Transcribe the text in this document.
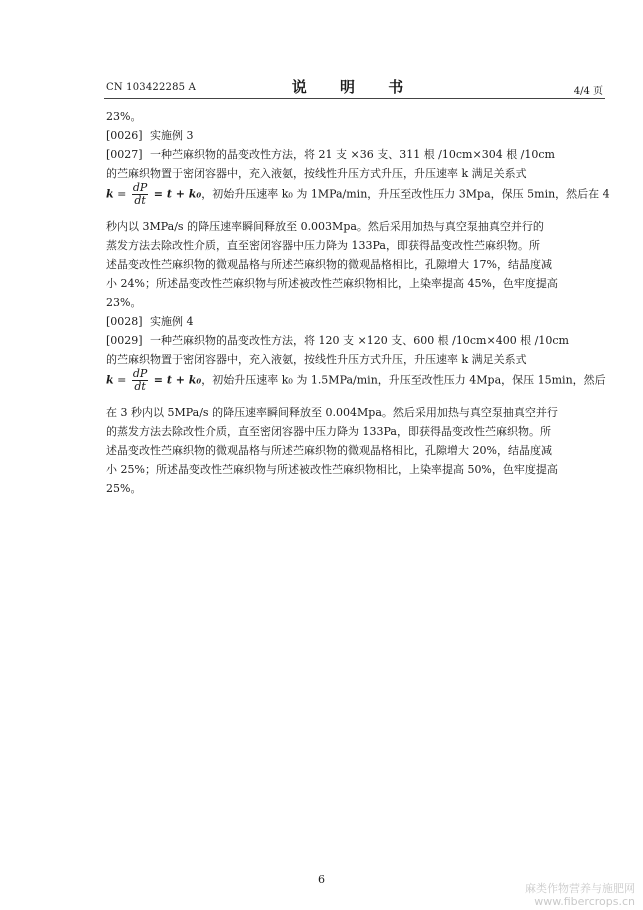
CN 103422285 A	说 明 书	4/4 页
23%。
[0026] 实施例 3
[0027] 一种苎麻织物的晶变改性方法，将 21 支 ×36 支、311 根 /10cm×304 根 /10cm
的苎麻织物置于密闭容器中，充入液氨，按线性升压方式升压，升压速率 k 满足关系式
$k = \frac{dP}{dt} = t + k_0$，初始升压速率 k₀ 为 1MPa/min，升压至改性压力 3Mpa，保压 5min，然后在 4
秒内以 3MPa/s 的降压速率瞬间释放至 0.003Mpa。然后采用加热与真空泵抽真空并行的
蒸发方法去除改性介质，直至密闭容器中压力降为 133Pa，即获得晶变改性苎麻织物。所
述晶变改性苎麻织物的微观晶格与所述苎麻织物的微观晶格相比，孔隙增大 17%，结晶度减
小 24%；所述晶变改性苎麻织物与所述被改性苎麻织物相比，上染率提高 45%，色牢度提高
23%。
[0028] 实施例 4
[0029] 一种苎麻织物的晶变改性方法，将 120 支 ×120 支、600 根 /10cm×400 根 /10cm
的苎麻织物置于密闭容器中，充入液氨，按线性升压方式升压，升压速率 k 满足关系式
$k = \frac{dP}{dt} = t + k_0$，初始升压速率 k₀ 为 1.5MPa/min，升压至改性压力 4Mpa，保压 15min，然后
在 3 秒内以 5MPa/s 的降压速率瞬间释放至 0.004Mpa。然后采用加热与真空泵抽真空并行
的蒸发方法去除改性介质，直至密闭容器中压力降为 133Pa，即获得晶变改性苎麻织物。所
述晶变改性苎麻织物的微观晶格与所述苎麻织物的微观晶格相比，孔隙增大 20%，结晶度减
小 25%；所述晶变改性苎麻织物与所述被改性苎麻织物相比，上染率提高 50%，色牢度提高
25%。
6
麻类作物营养与施肥网
www.fibercrops.cn
